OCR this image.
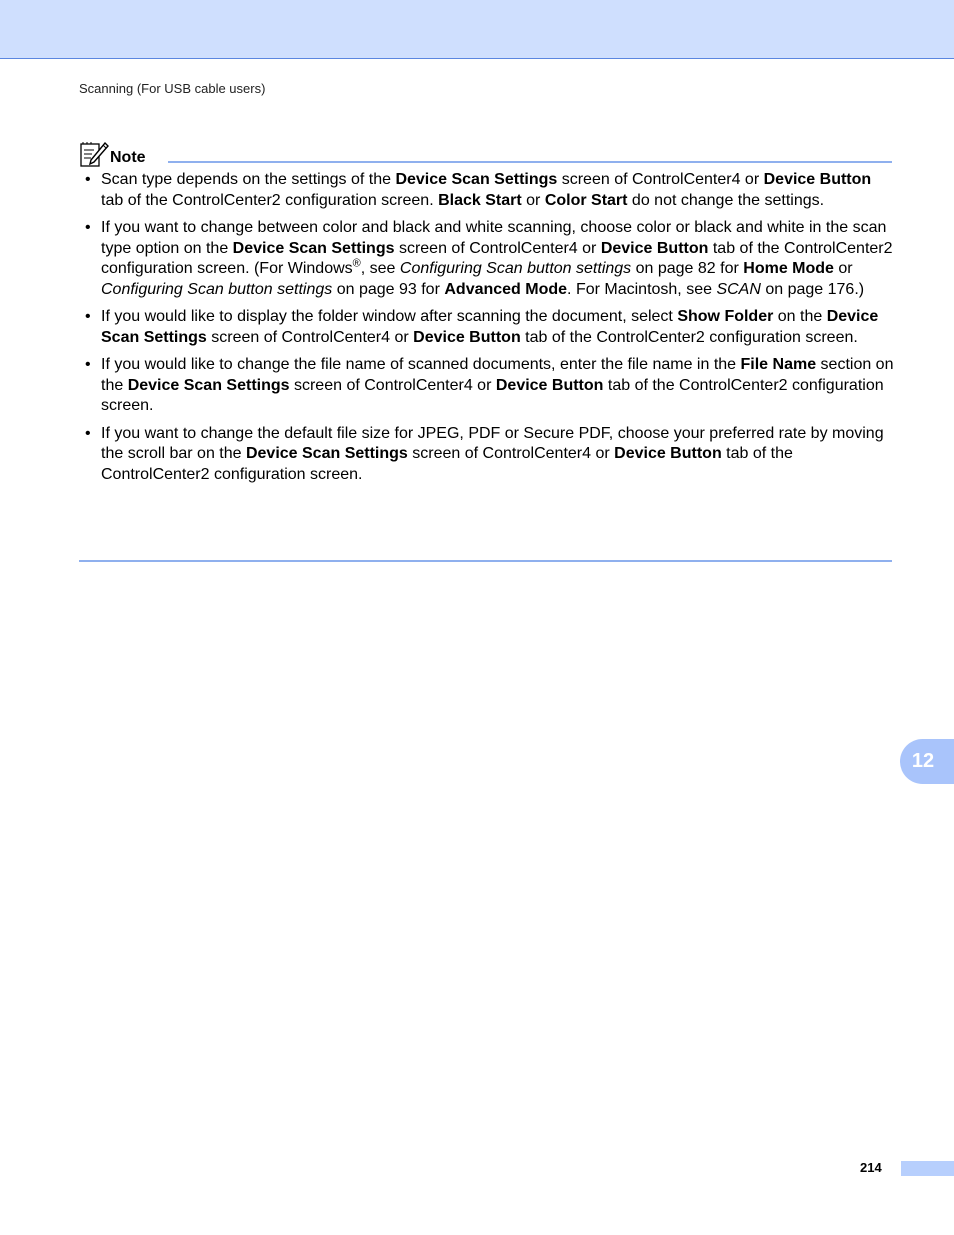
Scanning (For USB cable users)
Note
• Scan type depends on the settings of the Device Scan Settings screen of ControlCenter4 or Device Button tab of the ControlCenter2 configuration screen. Black Start or Color Start do not change the settings.
• If you want to change between color and black and white scanning, choose color or black and white in the scan type option on the Device Scan Settings screen of ControlCenter4 or Device Button tab of the ControlCenter2 configuration screen. (For Windows®, see Configuring Scan button settings on page 82 for Home Mode or Configuring Scan button settings on page 93 for Advanced Mode. For Macintosh, see SCAN on page 176.)
• If you would like to display the folder window after scanning the document, select Show Folder on the Device Scan Settings screen of ControlCenter4 or Device Button tab of the ControlCenter2 configuration screen.
• If you would like to change the file name of scanned documents, enter the file name in the File Name section on the Device Scan Settings screen of ControlCenter4 or Device Button tab of the ControlCenter2 configuration screen.
• If you want to change the default file size for JPEG, PDF or Secure PDF, choose your preferred rate by moving the scroll bar on the Device Scan Settings screen of ControlCenter4 or Device Button tab of the ControlCenter2 configuration screen.
12
214
